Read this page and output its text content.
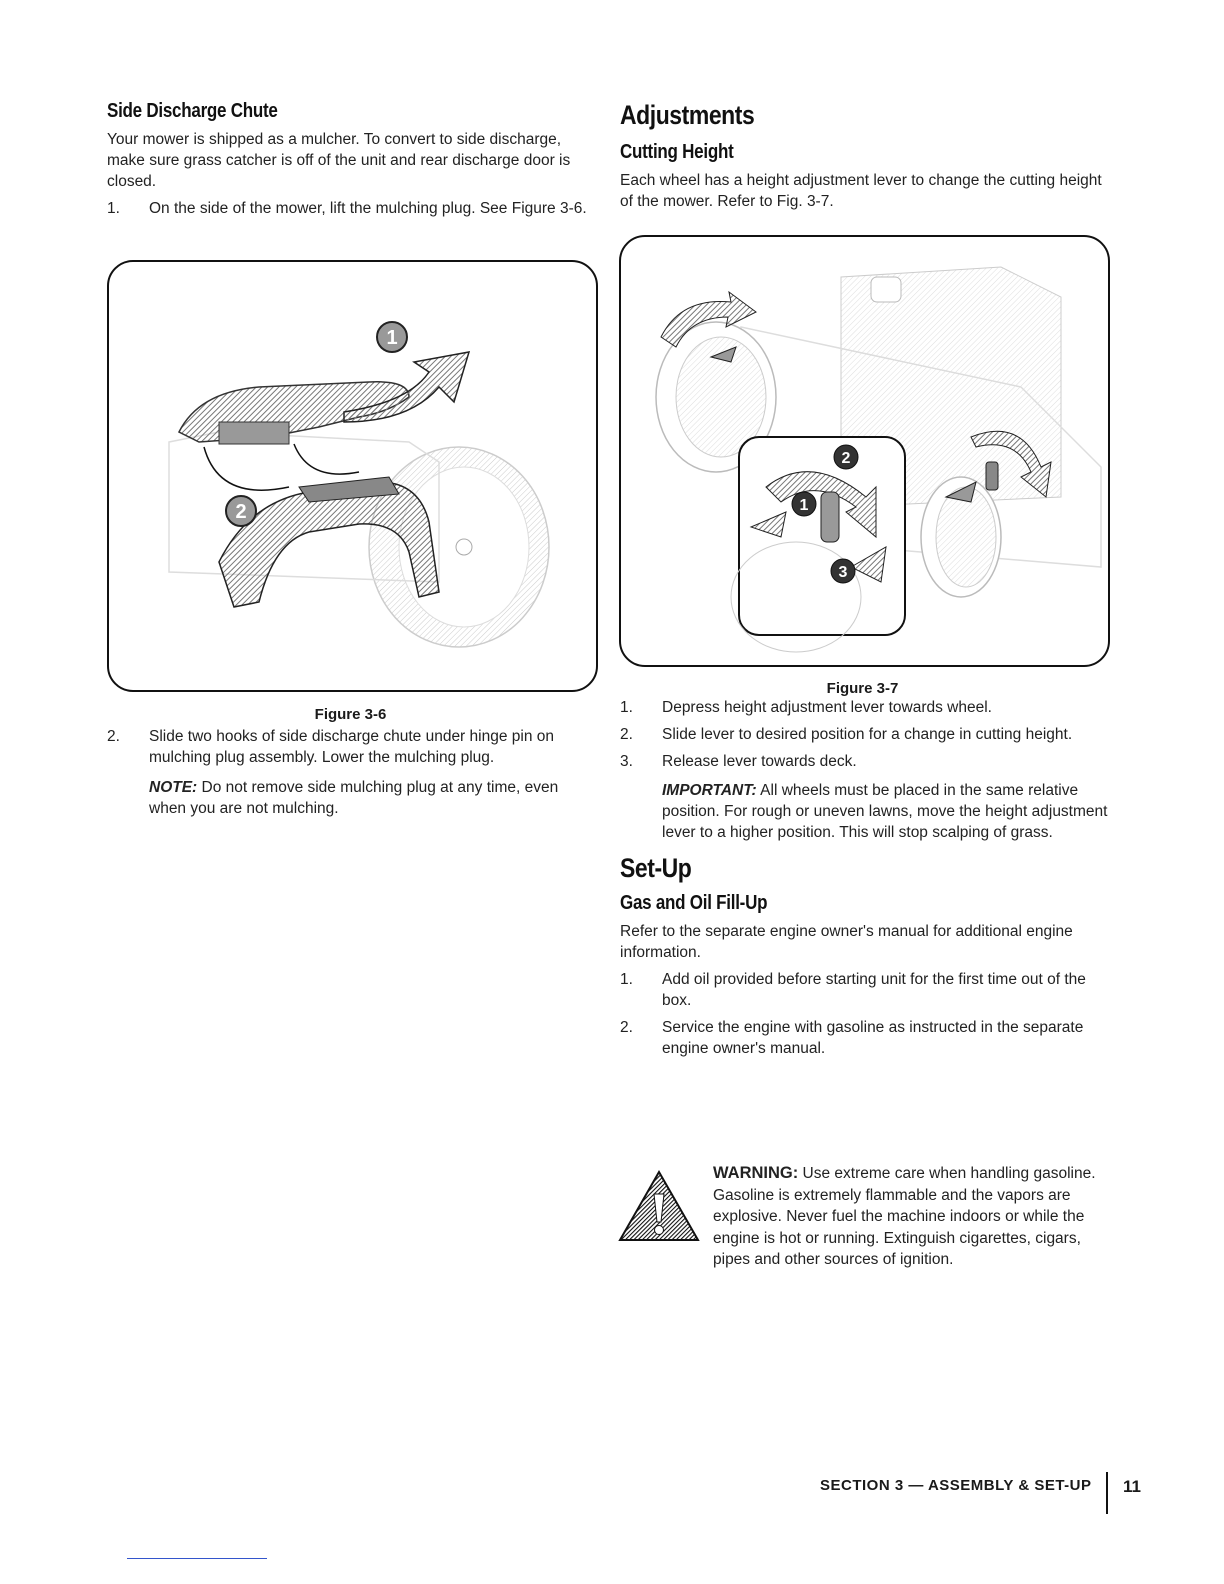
Side Discharge Chute

Your mower is shipped as a mulcher. To convert to side discharge, make sure grass catcher is off of the unit and rear discharge door is closed.

1. On the side of the mower, lift the mulching plug. See Figure 3-6.
1
2
Figure 3-6
2. Slide two hooks of side discharge chute under hinge pin on mulching plug assembly. Lower the mulching plug.
NOTE: Do not remove side mulching plug at any time, even when you are not mulching.
Adjustments
Cutting Height

Each wheel has a height adjustment lever to change the cutting height of the mower. Refer to Fig. 3-7.

2
1
3
Figure 3-7
1. Depress height adjustment lever towards wheel.
2. Slide lever to desired position for a change in cutting height.
3. Release lever towards deck.
IMPORTANT: All wheels must be placed in the same relative position. For rough or uneven lawns, move the height adjustment lever to a higher position. This will stop scalping of grass.
Set-Up
Gas and Oil Fill-Up

Refer to the separate engine owner's manual for additional engine information.

1. Add oil provided before starting unit for the first time out of the box.
2. Service the engine with gasoline as instructed in the separate engine owner's manual.
WARNING: Use extreme care when handling gasoline. Gasoline is extremely flammable and the vapors are explosive. Never fuel the machine indoors or while the engine is hot or running. Extinguish cigarettes, cigars, pipes and other sources of ignition.
SECTION 3 — ASSEMBLY & SET-UP 11
